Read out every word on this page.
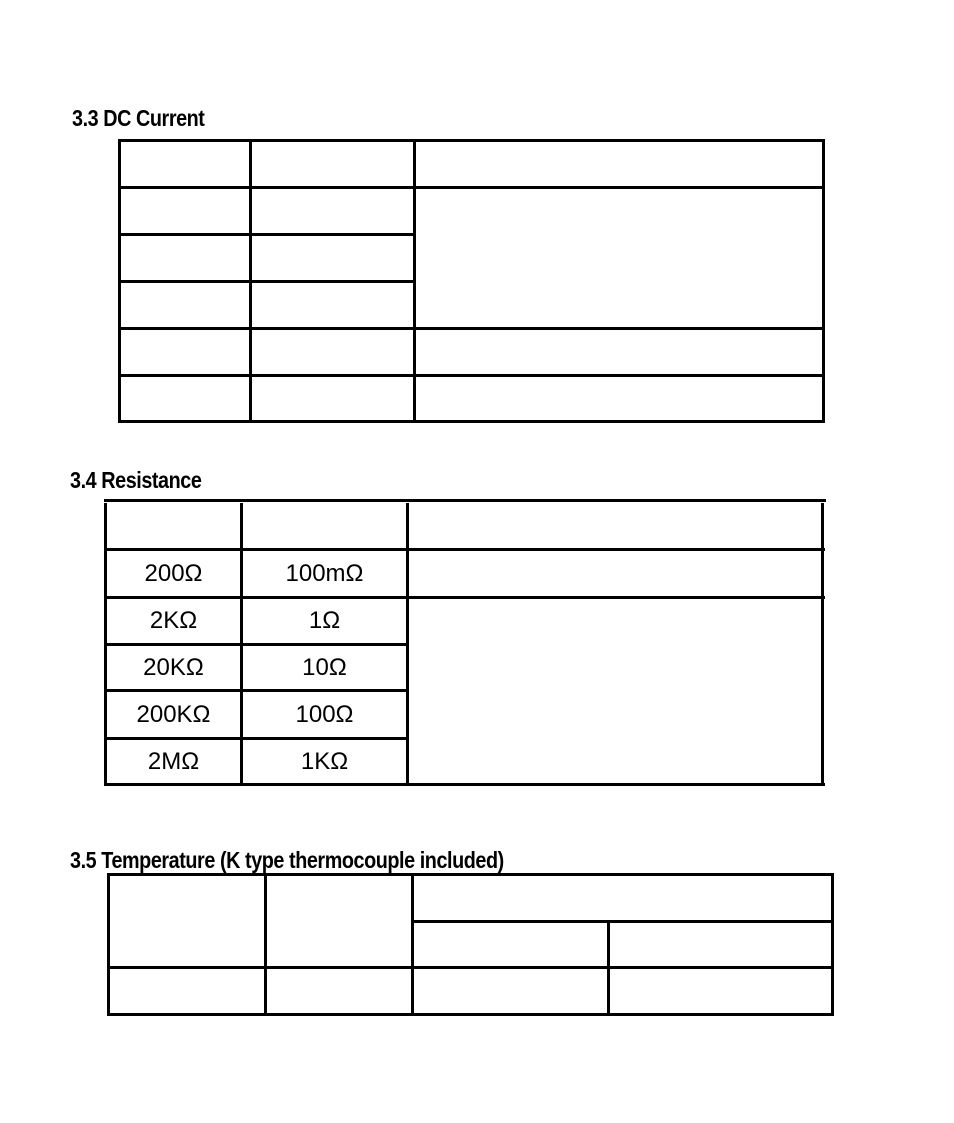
3.3 DC Current
3.4 Resistance
200Ω	100mΩ
2KΩ	1Ω
20KΩ	10Ω
200KΩ	100Ω
2MΩ	1KΩ
3.5 Temperature (K type thermocouple included)
